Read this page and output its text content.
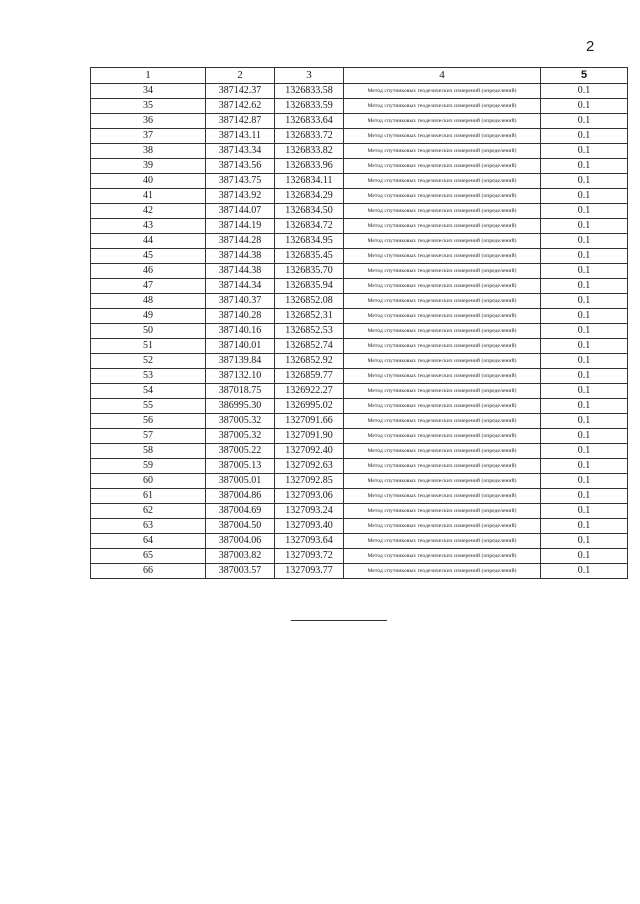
2
1	2	3	4	5
34	387142.37	1326833.58	Метод спутниковых геодезических измерений (определений)	0.1
35	387142.62	1326833.59	Метод спутниковых геодезических измерений (определений)	0.1
36	387142.87	1326833.64	Метод спутниковых геодезических измерений (определений)	0.1
37	387143.11	1326833.72	Метод спутниковых геодезических измерений (определений)	0.1
38	387143.34	1326833.82	Метод спутниковых геодезических измерений (определений)	0.1
39	387143.56	1326833.96	Метод спутниковых геодезических измерений (определений)	0.1
40	387143.75	1326834.11	Метод спутниковых геодезических измерений (определений)	0.1
41	387143.92	1326834.29	Метод спутниковых геодезических измерений (определений)	0.1
42	387144.07	1326834.50	Метод спутниковых геодезических измерений (определений)	0.1
43	387144.19	1326834.72	Метод спутниковых геодезических измерений (определений)	0.1
44	387144.28	1326834.95	Метод спутниковых геодезических измерений (определений)	0.1
45	387144.38	1326835.45	Метод спутниковых геодезических измерений (определений)	0.1
46	387144.38	1326835.70	Метод спутниковых геодезических измерений (определений)	0.1
47	387144.34	1326835.94	Метод спутниковых геодезических измерений (определений)	0.1
48	387140.37	1326852.08	Метод спутниковых геодезических измерений (определений)	0.1
49	387140.28	1326852.31	Метод спутниковых геодезических измерений (определений)	0.1
50	387140.16	1326852.53	Метод спутниковых геодезических измерений (определений)	0.1
51	387140.01	1326852.74	Метод спутниковых геодезических измерений (определений)	0.1
52	387139.84	1326852.92	Метод спутниковых геодезических измерений (определений)	0.1
53	387132.10	1326859.77	Метод спутниковых геодезических измерений (определений)	0.1
54	387018.75	1326922.27	Метод спутниковых геодезических измерений (определений)	0.1
55	386995.30	1326995.02	Метод спутниковых геодезических измерений (определений)	0.1
56	387005.32	1327091.66	Метод спутниковых геодезических измерений (определений)	0.1
57	387005.32	1327091.90	Метод спутниковых геодезических измерений (определений)	0.1
58	387005.22	1327092.40	Метод спутниковых геодезических измерений (определений)	0.1
59	387005.13	1327092.63	Метод спутниковых геодезических измерений (определений)	0.1
60	387005.01	1327092.85	Метод спутниковых геодезических измерений (определений)	0.1
61	387004.86	1327093.06	Метод спутниковых геодезических измерений (определений)	0.1
62	387004.69	1327093.24	Метод спутниковых геодезических измерений (определений)	0.1
63	387004.50	1327093.40	Метод спутниковых геодезических измерений (определений)	0.1
64	387004.06	1327093.64	Метод спутниковых геодезических измерений (определений)	0.1
65	387003.82	1327093.72	Метод спутниковых геодезических измерений (определений)	0.1
66	387003.57	1327093.77	Метод спутниковых геодезических измерений (определений)	0.1
